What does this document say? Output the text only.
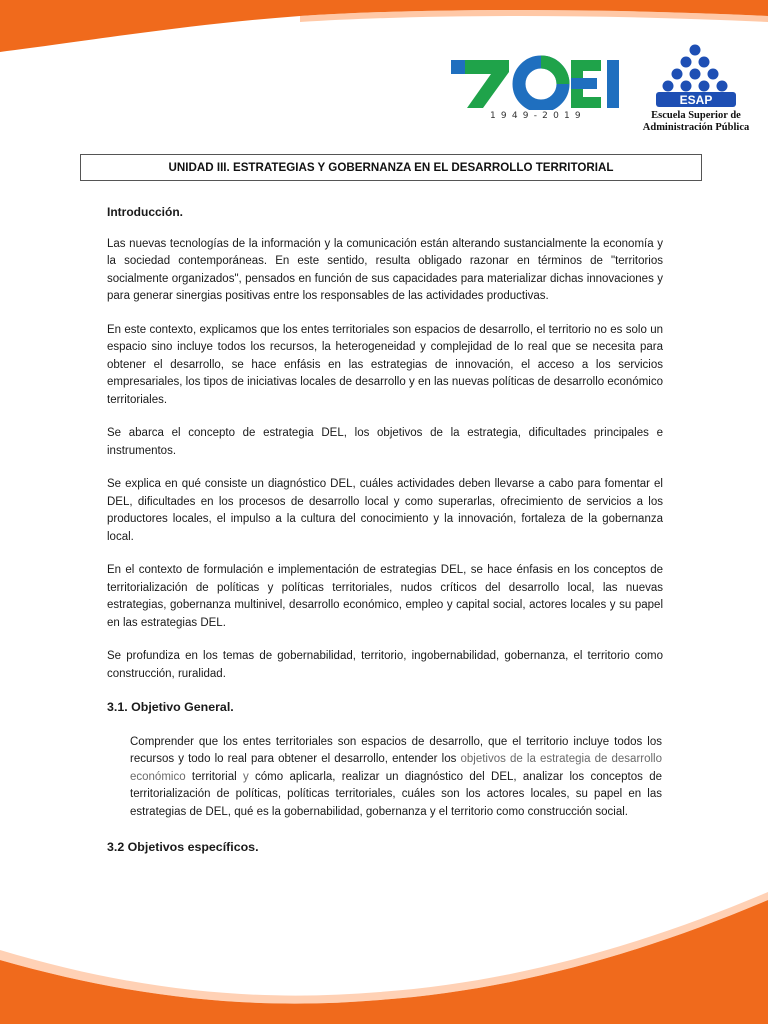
1949-2019
ESAP
Escuela Superior de
Administración Pública
UNIDAD III. ESTRATEGIAS Y GOBERNANZA EN EL DESARROLLO TERRITORIAL

Introducción.

Las nuevas tecnologías de la información y la comunicación están alterando sustancialmente la economía y la sociedad contemporáneas. En este sentido, resulta obligado razonar en términos de "territorios socialmente organizados", pensados en función de sus capacidades para materializar dichas innovaciones y para generar sinergias positivas entre los responsables de las actividades productivas.

En este contexto, explicamos que los entes territoriales son espacios de desarrollo, el territorio no es solo un espacio sino incluye todos los recursos, la heterogeneidad y complejidad de lo real que se necesita para obtener el desarrollo, se hace enfásis en las estrategias de innovación, el acceso a los servicios empresariales, los tipos de iniciativas locales de desarrollo y en las nuevas políticas de desarrollo económico territoriales.

Se abarca el concepto de estrategia DEL, los objetivos de la estrategia, dificultades principales e instrumentos.

Se explica en qué consiste un diagnóstico DEL, cuáles actividades deben llevarse a cabo para fomentar el DEL, dificultades en los procesos de desarrollo local y como superarlas, ofrecimiento de servicios a los productores locales, el impulso a la cultura del conocimiento y la innovación, fortaleza de la gobernanza local.

En el contexto de formulación e implementación de estrategias DEL, se hace énfasis en los conceptos de territorialización de políticas y políticas territoriales, nudos críticos del desarrollo local, las nuevas estrategias, gobernanza multinivel, desarrollo económico, empleo y capital social, actores locales y su papel en las estrategias DEL.

Se profundiza en los temas de gobernabilidad, territorio, ingobernabilidad, gobernanza, el territorio como construcción, ruralidad.

3.1. Objetivo General.

Comprender que los entes territoriales son espacios de desarrollo, que el territorio incluye todos los recursos y todo lo real para obtener el desarrollo, entender los objetivos de la estrategia de desarrollo económico territorial y cómo aplicarla, realizar un diagnóstico del DEL, analizar los conceptos de territorialización de políticas, políticas territoriales, cuáles son los actores locales, su papel en las estrategias de DEL, qué es la gobernabilidad, gobernanza y el territorio como construcción social.

3.2 Objetivos específicos.
